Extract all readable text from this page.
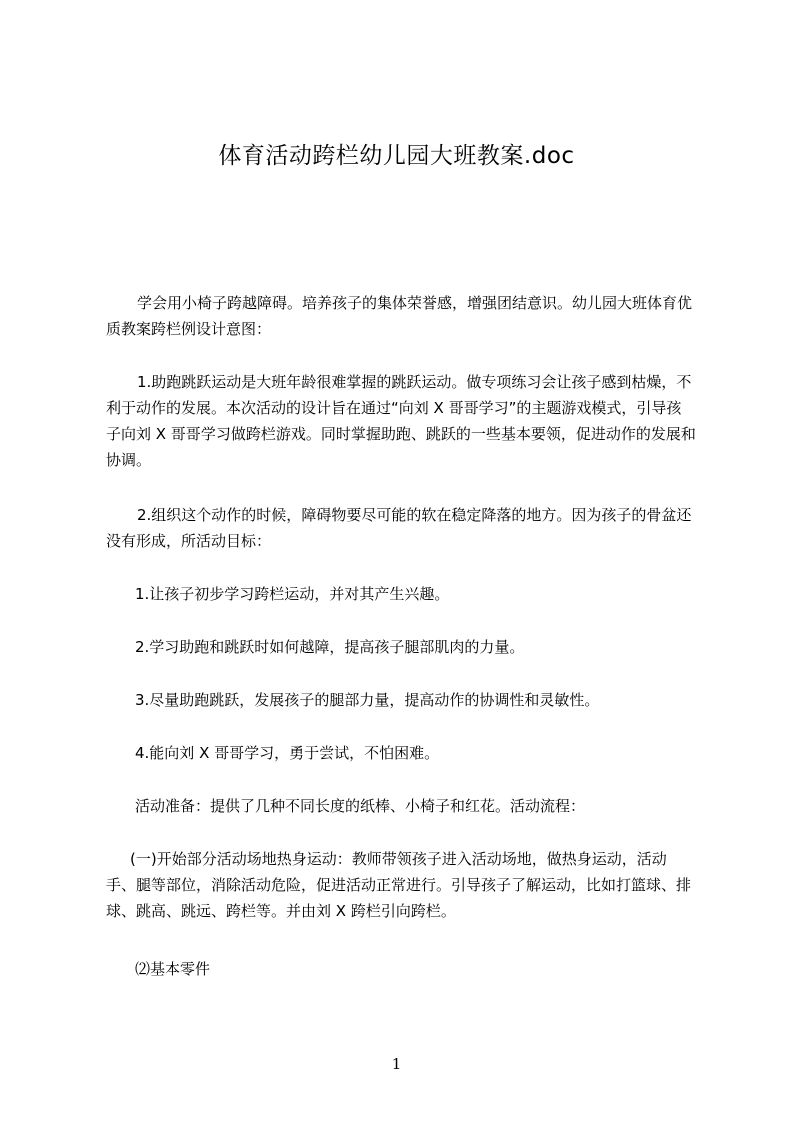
体育活动跨栏幼儿园大班教案.doc

学会用小椅子跨越障碍。培养孩子的集体荣誉感，增强团结意识。幼儿园大班体育优质教案跨栏例设计意图：

1.助跑跳跃运动是大班年龄很难掌握的跳跃运动。做专项练习会让孩子感到枯燥，不利于动作的发展。本次活动的设计旨在通过“向刘 X 哥哥学习”的主题游戏模式，引导孩子向刘 X 哥哥学习做跨栏游戏。同时掌握助跑、跳跃的一些基本要领，促进动作的发展和协调。

2.组织这个动作的时候，障碍物要尽可能的软在稳定降落的地方。因为孩子的骨盆还没有形成，所活动目标：

1.让孩子初步学习跨栏运动，并对其产生兴趣。

2.学习助跑和跳跃时如何越障，提高孩子腿部肌肉的力量。

3.尽量助跑跳跃，发展孩子的腿部力量，提高动作的协调性和灵敏性。

4.能向刘 X 哥哥学习，勇于尝试，不怕困难。

活动准备：提供了几种不同长度的纸棒、小椅子和红花。活动流程：

(一)开始部分活动场地热身运动：教师带领孩子进入活动场地，做热身运动，活动手、腿等部位，消除活动危险，促进活动正常进行。引导孩子了解运动，比如打篮球、排球、跳高、跳远、跨栏等。并由刘 X 跨栏引向跨栏。

⑵基本零件

1
